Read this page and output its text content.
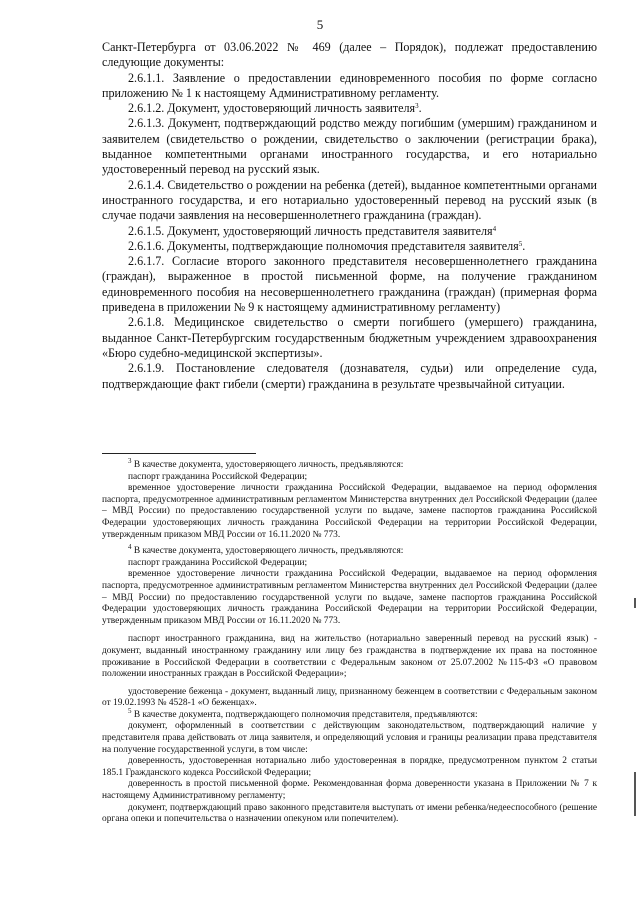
5

Санкт-Петербурга от 03.06.2022 № 469 (далее – Порядок), подлежат предоставлению следующие документы:

2.6.1.1. Заявление о предоставлении единовременного пособия по форме согласно приложению № 1 к настоящему Административному регламенту.

2.6.1.2. Документ, удостоверяющий личность заявителя$^3$.

2.6.1.3. Документ, подтверждающий родство между погибшим (умершим) гражданином и заявителем (свидетельство о рождении, свидетельство о заключении (регистрации брака), выданное компетентными органами иностранного государства, и его нотариально удостоверенный перевод на русский язык.

2.6.1.4. Свидетельство о рождении на ребенка (детей), выданное компетентными органами иностранного государства, и его нотариально удостоверенный перевод на русский язык (в случае подачи заявления на несовершеннолетнего гражданина (граждан).

2.6.1.5. Документ, удостоверяющий личность представителя заявителя$^4$

2.6.1.6. Документы, подтверждающие полномочия представителя заявителя$^5$.

2.6.1.7. Согласие второго законного представителя несовершеннолетнего гражданина (граждан), выраженное в простой письменной форме, на получение гражданином единовременного пособия на несовершеннолетнего гражданина (граждан) (примерная форма приведена в приложении № 9 к настоящему административному регламенту)

2.6.1.8. Медицинское свидетельство о смерти погибшего (умершего) гражданина, выданное Санкт-Петербургским государственным бюджетным учреждением здравоохранения «Бюро судебно-медицинской экспертизы».

2.6.1.9. Постановление следователя (дознавателя, судьи) или определение суда, подтверждающие факт гибели (смерти) гражданина в результате чрезвычайной ситуации.

$^3$ В качестве документа, удостоверяющего личность, предъявляются:

паспорт гражданина Российской Федерации;

временное удостоверение личности гражданина Российской Федерации, выдаваемое на период оформления паспорта, предусмотренное административным регламентом Министерства внутренних дел Российской Федерации (далее – МВД России) по предоставлению государственной услуги по выдаче, замене паспортов гражданина Российской Федерации удостоверяющих личность гражданина Российской Федерации на территории Российской Федерации, утвержденным приказом МВД России от 16.11.2020 № 773.

$^4$ В качестве документа, удостоверяющего личность, предъявляются:

паспорт гражданина Российской Федерации;

временное удостоверение личности гражданина Российской Федерации, выдаваемое на период оформления паспорта, предусмотренное административным регламентом Министерства внутренних дел Российской Федерации (далее – МВД России) по предоставлению государственной услуги по выдаче, замене паспортов гражданина Российской Федерации удостоверяющих личность гражданина Российской Федерации на территории Российской Федерации, утвержденным приказом МВД России от 16.11.2020 № 773.

паспорт иностранного гражданина, вид на жительство (нотариально заверенный перевод на русский язык) - документ, выданный иностранному гражданину или лицу без гражданства в подтверждение их права на постоянное проживание в Российской Федерации в соответствии с Федеральным законом от 25.07.2002 №115-ФЗ «О правовом положении иностранных граждан в Российской Федерации»;

удостоверение беженца - документ, выданный лицу, признанному беженцем в соответствии с Федеральным законом от 19.02.1993 № 4528-1 «О беженцах».

$^5$ В качестве документа, подтверждающего полномочия представителя, предъявляются:

документ, оформленный в соответствии с действующим законодательством, подтверждающий наличие у представителя права действовать от лица заявителя, и определяющий условия и границы реализации права представителя на получение государственной услуги, в том числе:

доверенность, удостоверенная нотариально либо удостоверенная в порядке, предусмотренном пунктом 2 статьи 185.1 Гражданского кодекса Российской Федерации;

доверенность в простой письменной форме. Рекомендованная форма доверенности указана в Приложении № 7 к настоящему Административному регламенту;

документ, подтверждающий право законного представителя выступать от имени ребенка/недееспособного (решение органа опеки и попечительства о назначении опекуном или попечителем).
